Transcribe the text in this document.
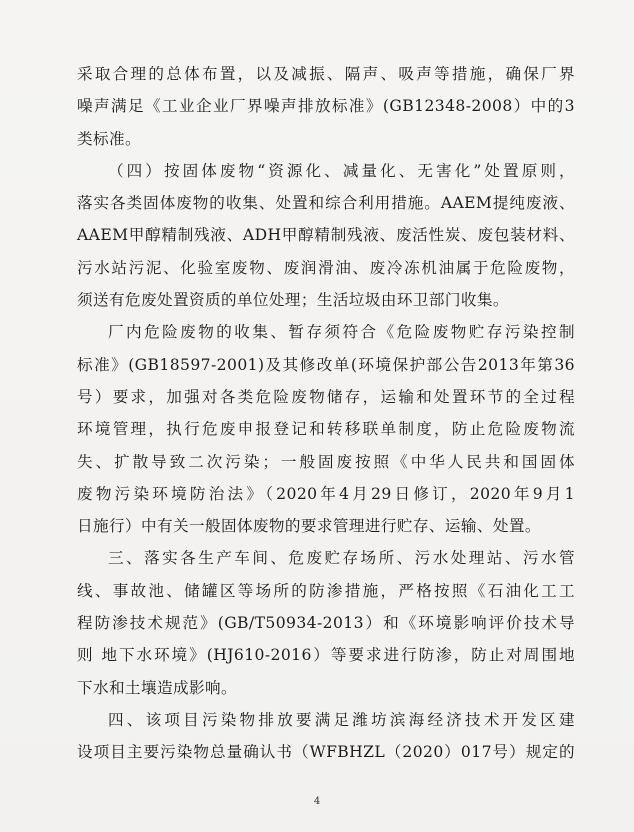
采取合理的总体布置，以及减振、隔声、吸声等措施，确保厂界
噪声满足《工业企业厂界噪声排放标准》(GB12348-2008）中的3
类标准。
（四）按固体废物“资源化、减量化、无害化”处置原则，
落实各类固体废物的收集、处置和综合利用措施。AAEM提纯废液、
AAEM甲醇精制残液、ADH甲醇精制残液、废活性炭、废包装材料、
污水站污泥、化验室废物、废润滑油、废冷冻机油属于危险废物，
须送有危废处置资质的单位处理；生活垃圾由环卫部门收集。
厂内危险废物的收集、暂存须符合《危险废物贮存污染控制
标准》(GB18597-2001)及其修改单(环境保护部公告2013年第36
号）要求，加强对各类危险废物储存，运输和处置环节的全过程
环境管理，执行危废申报登记和转移联单制度，防止危险废物流
失、扩散导致二次污染；一般固废按照《中华人民共和国固体
废物污染环境防治法》（2020年4月29日修订，2020年9月1
日施行）中有关一般固体废物的要求管理进行贮存、运输、处置。
三、落实各生产车间、危废贮存场所、污水处理站、污水管
线、事故池、储罐区等场所的防渗措施，严格按照《石油化工工
程防渗技术规范》(GB/T50934-2013）和《环境影响评价技术导
则 地下水环境》(HJ610-2016）等要求进行防渗，防止对周围地
下水和土壤造成影响。
四、该项目污染物排放要满足潍坊滨海经济技术开发区建
设项目主要污染物总量确认书（WFBHZL（2020）017号）规定的
4
